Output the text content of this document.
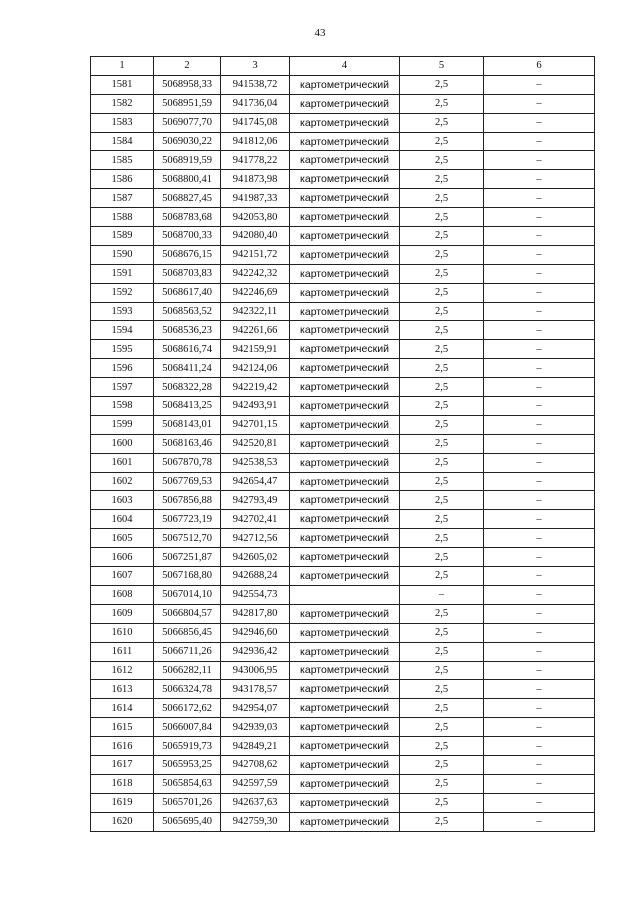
43
1	2	3	4	5	6
1581	5068958,33	941538,72	картометрический	2,5	–
1582	5068951,59	941736,04	картометрический	2,5	–
1583	5069077,70	941745,08	картометрический	2,5	–
1584	5069030,22	941812,06	картометрический	2,5	–
1585	5068919,59	941778,22	картометрический	2,5	–
1586	5068800,41	941873,98	картометрический	2,5	–
1587	5068827,45	941987,33	картометрический	2,5	–
1588	5068783,68	942053,80	картометрический	2,5	–
1589	5068700,33	942080,40	картометрический	2,5	–
1590	5068676,15	942151,72	картометрический	2,5	–
1591	5068703,83	942242,32	картометрический	2,5	–
1592	5068617,40	942246,69	картометрический	2,5	–
1593	5068563,52	942322,11	картометрический	2,5	–
1594	5068536,23	942261,66	картометрический	2,5	–
1595	5068616,74	942159,91	картометрический	2,5	–
1596	5068411,24	942124,06	картометрический	2,5	–
1597	5068322,28	942219,42	картометрический	2,5	–
1598	5068413,25	942493,91	картометрический	2,5	–
1599	5068143,01	942701,15	картометрический	2,5	–
1600	5068163,46	942520,81	картометрический	2,5	–
1601	5067870,78	942538,53	картометрический	2,5	–
1602	5067769,53	942654,47	картометрический	2,5	–
1603	5067856,88	942793,49	картометрический	2,5	–
1604	5067723,19	942702,41	картометрический	2,5	–
1605	5067512,70	942712,56	картометрический	2,5	–
1606	5067251,87	942605,02	картометрический	2,5	–
1607	5067168,80	942688,24	картометрический	2,5	–
1608	5067014,10	942554,73		–	–
1609	5066804,57	942817,80	картометрический	2,5	–
1610	5066856,45	942946,60	картометрический	2,5	–
1611	5066711,26	942936,42	картометрический	2,5	–
1612	5066282,11	943006,95	картометрический	2,5	–
1613	5066324,78	943178,57	картометрический	2,5	–
1614	5066172,62	942954,07	картометрический	2,5	–
1615	5066007,84	942939,03	картометрический	2,5	–
1616	5065919,73	942849,21	картометрический	2,5	–
1617	5065953,25	942708,62	картометрический	2,5	–
1618	5065854,63	942597,59	картометрический	2,5	–
1619	5065701,26	942637,63	картометрический	2,5	–
1620	5065695,40	942759,30	картометрический	2,5	–
